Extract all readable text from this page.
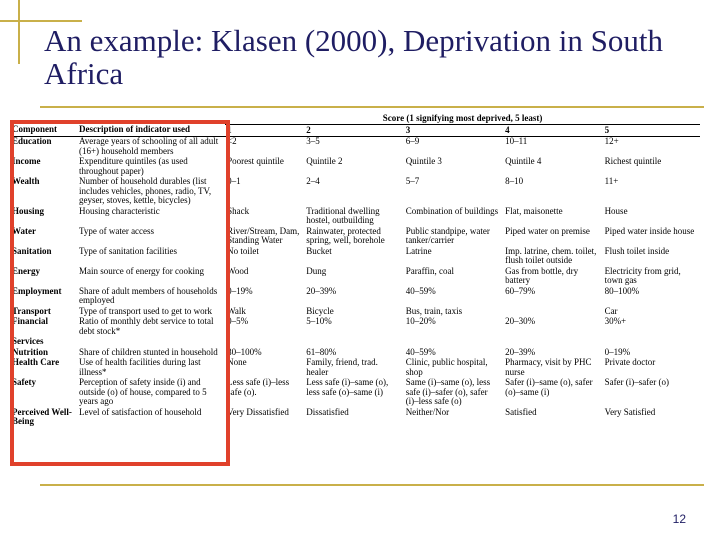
An example: Klasen (2000), Deprivation in South Africa
		Score (1 signifying most deprived, 5 least)				
Component	Description of indicator used	1	2	3	4	5
Education	Average years of schooling of all adult (16+) household members	<2	3–5	6–9	10–11	12+
Income	Expenditure quintiles (as used throughout paper)	Poorest quintile	Quintile 2	Quintile 3	Quintile 4	Richest quintile
Wealth	Number of household durables (list includes vehicles, phones, radio, TV, geyser, stoves, kettle, bicycles)	0–1	2–4	5–7	8–10	11+
Housing	Housing characteristic	Shack	Traditional dwelling hostel, outbuilding	Combination of buildings	Flat, maisonette	House
Water	Type of water access	River/Stream, Dam, Standing Water	Rainwater, protected spring, well, borehole	Public standpipe, water tanker/carrier	Piped water on premise	Piped water inside house
Sanitation	Type of sanitation facilities	No toilet	Bucket	Latrine	Imp. latrine, chem. toilet, flush toilet outside	Flush toilet inside
Energy	Main source of energy for cooking	Wood	Dung	Paraffin, coal	Gas from bottle, dry battery	Electricity from grid, town gas
Employment	Share of adult members of households employed	0–19%	20–39%	40–59%	60–79%	80–100%
Transport	Type of transport used to get to work	Walk	Bicycle	Bus, train, taxis		Car
Financial	Ratio of monthly debt service to total debt stock*	0–5%	5–10%	10–20%	20–30%	30%+
Services						
Nutrition	Share of children stunted in household	80–100%	61–80%	40–59%	20–39%	0–19%
Health Care	Use of health facilities during last illness*	None	Family, friend, trad. healer	Clinic, public hospital, shop	Pharmacy, visit by PHC nurse	Private doctor
Safety	Perception of safety inside (i) and outside (o) of house, compared to 5 years ago	Less safe (i)–less safe (o).	Less safe (i)–same (o), less safe (o)–same (i)	Same (i)–same (o), less safe (i)–safer (o), safer (i)–less safe (o)	Safer (i)–same (o), safer (o)–same (i)	Safer (i)–safer (o)
Perceived Well-Being	Level of satisfaction of household	Very Dissatisfied	Dissatisfied	Neither/Nor	Satisfied	Very Satisfied
12
